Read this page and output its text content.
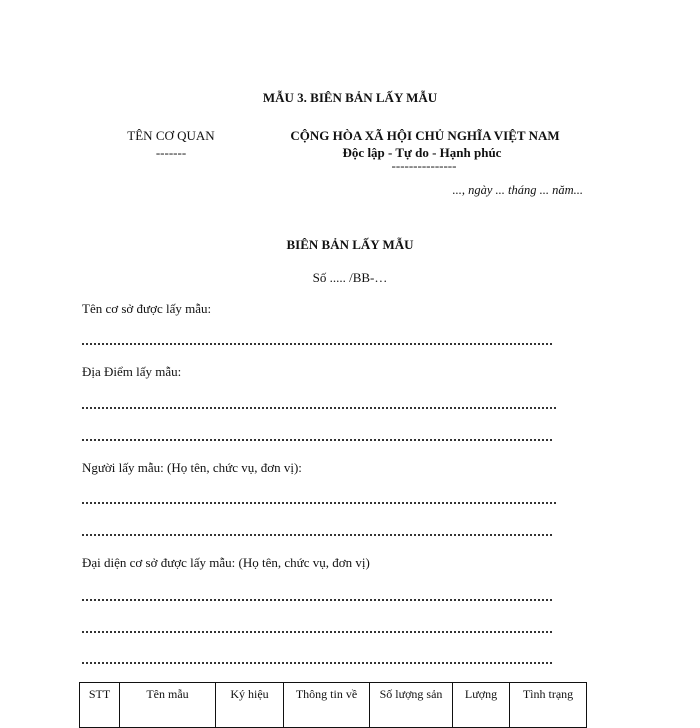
MẪU 3. BIÊN BẢN LẤY MẪU
TÊN CƠ QUAN
-------
CỘNG HÒA XÃ HỘI CHỦ NGHĨA VIỆT NAM
Độc lập - Tự do - Hạnh phúc
---------------
..., ngày ... tháng ... năm...
BIÊN BẢN LẤY MẪU
Số ..... /BB-…
Tên cơ sở được lấy mẫu:
Địa Điểm lấy mẫu:
Người lấy mẫu: (Họ tên, chức vụ, đơn vị):
Đại diện cơ sở được lấy mẫu: (Họ tên, chức vụ, đơn vị)
STT	Tên mẫu	Ký hiệu	Thông tin về	Số lượng sản	Lượng	Tình trạng
